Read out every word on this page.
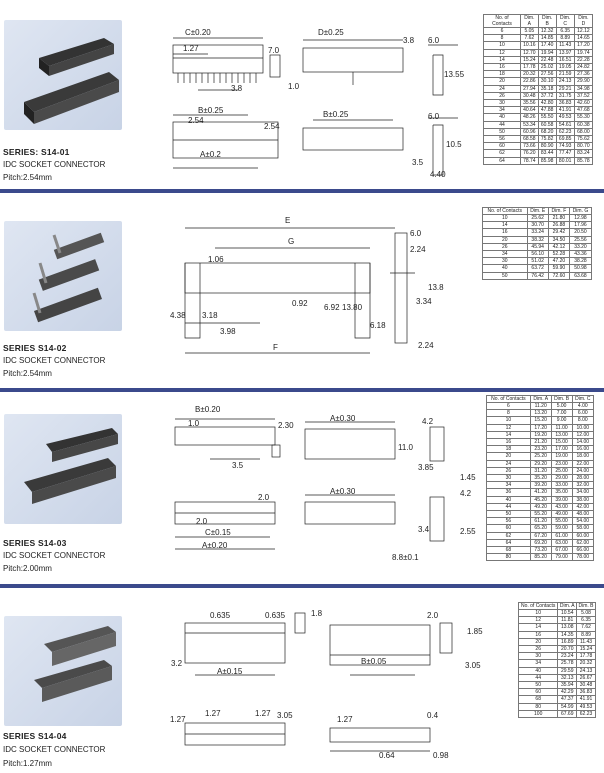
SERIES: S14-01
IDC SOCKET CONNECTOR
Pitch:2.54mm
C±0.20
1.27	7.0
3.8	1.0
B±0.25
2.54
2.54
A±0.2
D±0.25
3.8
B±0.25
6.0
13.55
6.0
10.5
3.5
4.40
No. of Contacts	Dim. A	Dim. B	Dim. C	Dim. D
6	5.05	12.32	6.35	12.12
8	7.62	14.85	8.89	14.65
10	10.16	17.40	11.43	17.20
12	12.70	19.94	13.97	19.74
14	15.24	22.48	16.51	22.28
16	17.78	25.02	19.05	24.82
18	20.32	27.56	21.59	27.36
20	22.86	30.10	24.13	29.90
24	27.94	35.18	29.21	34.98
26	30.48	37.72	31.75	37.52
30	35.56	42.80	36.83	42.60
34	40.64	47.88	41.91	47.68
40	48.26	55.50	49.53	55.30
44	53.34	60.58	54.61	60.38
50	60.96	68.20	62.23	68.00
56	68.58	75.82	69.85	75.62
60	73.66	80.90	74.93	80.70
62	76.20	83.44	77.47	83.24
64	78.74	85.98	80.01	85.78
SERIES S14-02
IDC SOCKET CONNECTOR
Pitch:2.54mm
E
6.0
G
2.24
1.06
4.38 3.18
0.92 6.92 13.80
6.18
3.34
13.8
3.98
F	2.24
No. of Contacts	Dim. E	Dim. F	Dim. G
10	25.62	21.80	12.98
14	30.70	26.88	17.96
16	33.24	29.42	20.50
20	38.32	34.50	25.56
26	45.94	42.12	33.20
34	56.10	52.28	43.36
30	51.02	47.20	38.28
40	63.72	59.90	50.98
50	76.42	72.60	63.68
SERIES S14-03
IDC SOCKET CONNECTOR
Pitch:2.00mm
B±0.20
1.0	2.30
3.5
2.0
2.0
C±0.15
A±0.20
A±0.30
11.0
3.85
4.2
1.45
A±0.30	4.2
2.55
3.4
8.8±0.1
No. of Contacts	Dim. A	Dim. B	Dim. C
6	11.20	5.00	4.00
8	13.20	7.00	6.00
10	15.20	9.00	8.00
12	17.20	11.00	10.00
14	19.20	13.00	12.00
16	21.20	15.00	14.00
18	23.20	17.00	16.00
20	25.20	19.00	18.00
24	29.20	23.00	22.00
26	31.20	25.00	24.00
30	35.20	29.00	28.00
34	39.20	33.00	32.00
36	41.20	35.00	34.00
40	45.20	39.00	38.00
44	49.20	43.00	42.00
50	55.20	49.00	48.00
56	61.20	55.00	54.00
60	65.20	59.00	58.00
62	67.20	61.00	60.00
64	69.20	63.00	62.00
68	73.20	67.00	66.00
80	85.20	79.00	78.00
SERIES S14-04
IDC SOCKET CONNECTOR
Pitch:1.27mm
0.635	0.635	1.8
3.2
A±0.15
1.27
1.27	1.27 3.05
2.0
1.85
B±0.05	3.05
1.27	0.4
0.64	0.98
No. of Contacts	Dim. A	Dim. B
10	10.54	5.08
12	11.81	6.35
14	13.08	7.62
16	14.35	8.89
20	16.89	11.43
26	20.70	15.24
30	23.24	17.78
34	25.78	20.32
40	29.59	24.13
44	32.13	26.67
50	35.94	30.48
60	42.29	36.83
68	47.37	41.91
80	54.99	49.53
100	67.69	62.23
